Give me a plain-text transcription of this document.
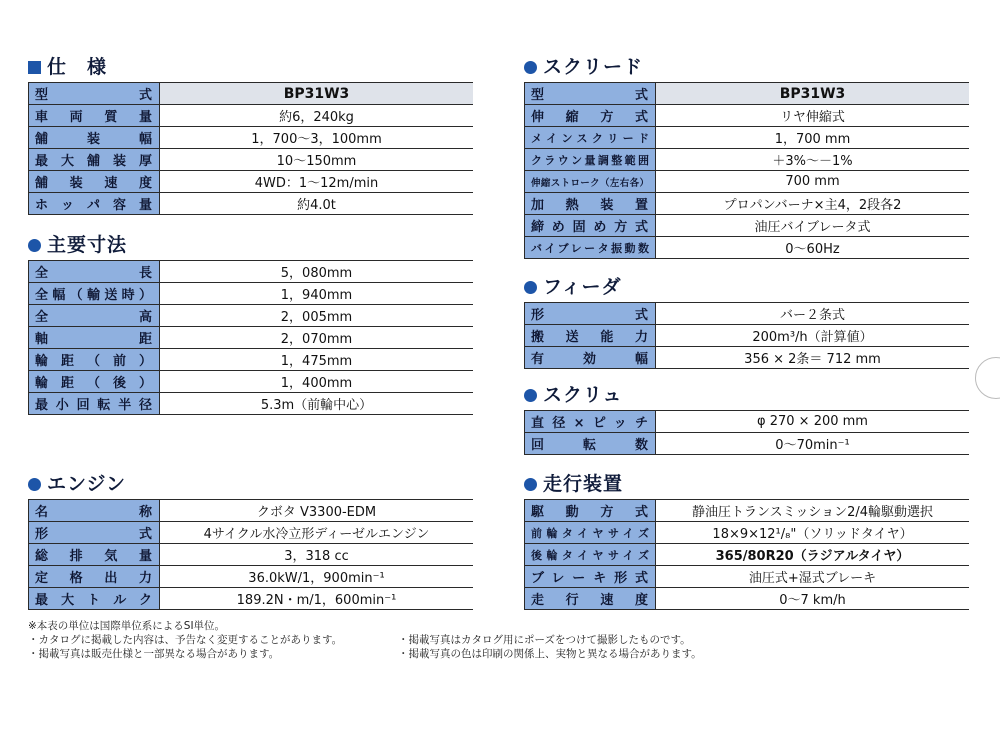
仕　様
型式	BP31W3
車両質量	約6，240kg
舗装幅	1，700～3，100mm
最大舗装厚	10～150mm
舗装速度	4WD：1～12m/min
ホッパ容量	約4.0t
主要寸法
全長	5，080mm
全幅（輸送時）	1，940mm
全高	2，005mm
軸距	2，070mm
輪距（前）	1，475mm
輪距（後）	1，400mm
最小回転半径	5.3m（前輪中心）
エンジン
名称	クボタ V3300-EDM
形式	4サイクル水冷立形ディーゼルエンジン
総排気量	3，318 cc
定格出力	36.0kW/1，900min⁻¹
最大トルク	189.2N・m/1，600min⁻¹
スクリード
型式	BP31W3
伸縮方式	リヤ伸縮式
メインスクリード	1，700 mm
クラウン量調整範囲	＋3%～－1%
伸縮ストローク（左右各）	700 mm
加熱装置	プロパンバーナ×主4，2段各2
締め固め方式	油圧バイブレータ式
バイブレータ振動数	0～60Hz
フィーダ
形式	バー２条式
搬送能力	200m³/h（計算値）
有効幅	356 × 2条＝ 712 mm
スクリュ
直径×ピッチ	φ 270 × 200 mm
回転数	0～70min⁻¹
走行装置
駆動方式	静油圧トランスミッション2/4輪駆動選択
前輪タイヤサイズ	18×9×12¹/₈"（ソリッドタイヤ）
後輪タイヤサイズ	365/80R20（ラジアルタイヤ）
ブレーキ形式	油圧式+湿式ブレーキ
走行速度	0～7 km/h
※本表の単位は国際単位系によるSI単位。
・カタログに掲載した内容は、予告なく変更することがあります。
・掲載写真は販売仕様と一部異なる場合があります。
・掲載写真はカタログ用にポーズをつけて撮影したものです。
・掲載写真の色は印刷の関係上、実物と異なる場合があります。
